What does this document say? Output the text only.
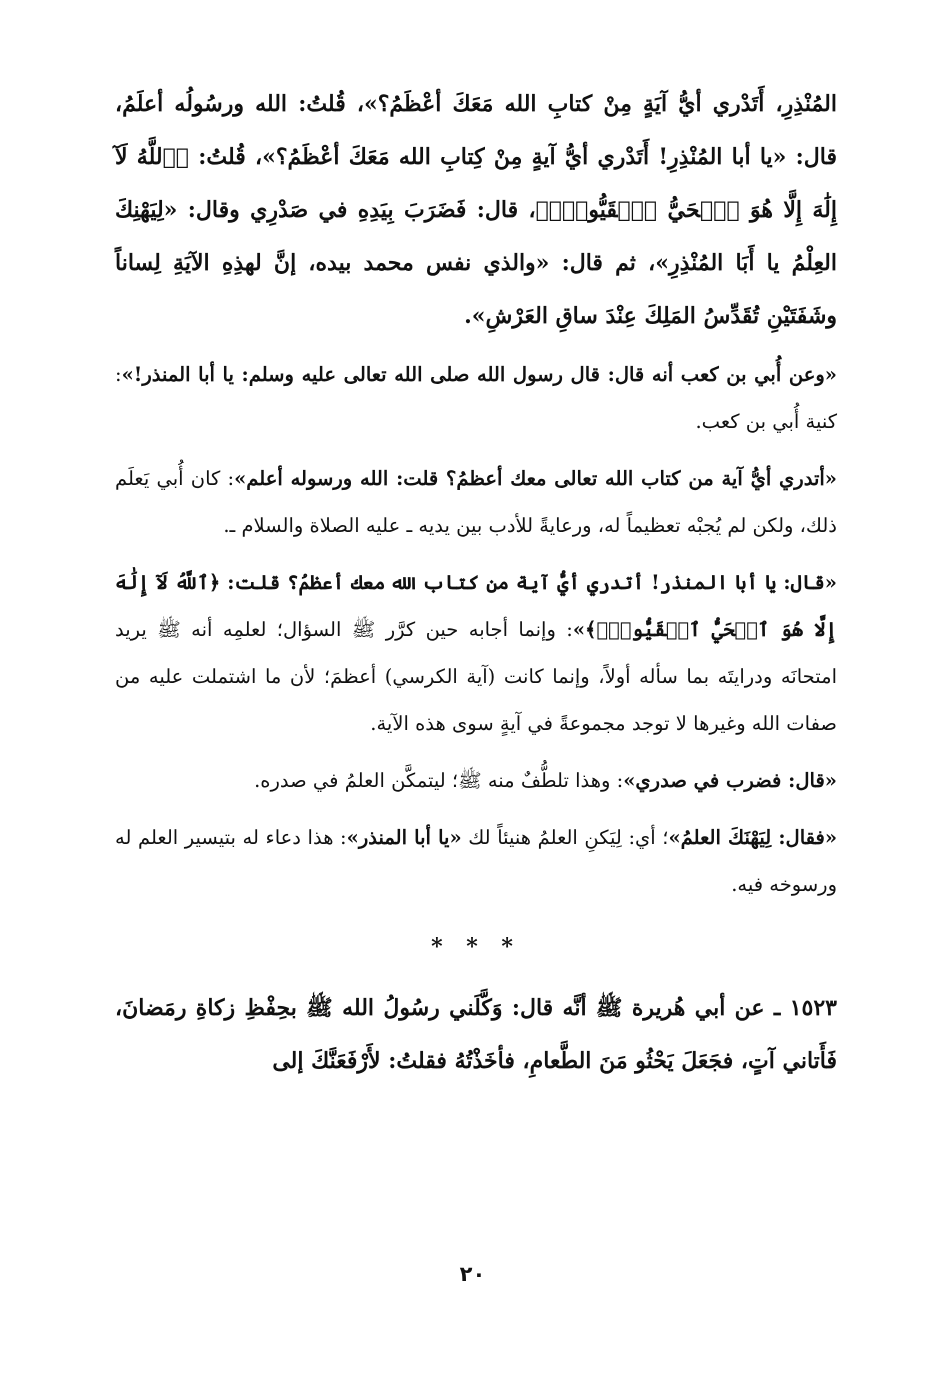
المُنْذِرِ، أَتَدْري أيُّ آيَةٍ مِنْ كتابِ الله مَعَكَ أعْظَمُ؟»، قُلتُ: الله ورسُولُه أعلَمُ، قال: «يا أبا المُنْذِرِ! أَتَدْري أيُّ آيةٍ مِنْ كِتابِ الله مَعَكَ أعْظَمُ؟»، قُلتُ: ﴿ٱللَّهُ لَآ إِلَٰهَ إِلَّا هُوَ ٱلۡحَيُّ ٱلۡقَيُّومُۚ﴾، قال: فَضَرَبَ بِيَدِهِ في صَدْرِي وقال: «لِيَهْنِكَ العِلْمُ يا أَبَا المُنْذِرِ»، ثم قال: «والذي نفس محمد بيده، إنَّ لهذِهِ الآيَةِ لِساناً وشَفَتَيْنِ تُقَدِّسُ المَلِكَ عِنْدَ ساقِ العَرْشِ».

«وعن أُبي بن كعب أنه قال: قال رسول الله صلى الله تعالى عليه وسلم: يا أبا المنذر!»: كنية أُبي بن كعب.

«أتدري أيُّ آية من كتاب الله تعالى معك أعظمُ؟ قلت: الله ورسوله أعلم»: كان أُبي يَعلَم ذلك، ولكن لم يُجبْه تعظيماً له، ورعايةً للأدب بين يديه ـ عليه الصلاة والسلام ـ.

«قال: يا أبا المنذر! أتدري أيُّ آية من كتاب الله معك أعظمُ؟ قلت: ﴿ٱللَّهُ لَآ إِلَٰهَ إِلَّا هُوَ ٱلۡحَيُّ ٱلۡقَيُّومُۚ﴾»: وإنما أجابه حين كرَّر ﷺ السؤال؛ لعلمِه أنه ﷺ يريد امتحانَه ودرايتَه بما سأله أولاً، وإنما كانت (آية الكرسي) أعظمَ؛ لأن ما اشتملت عليه من صفات الله وغيرها لا توجد مجموعةً في آيةٍ سوى هذه الآية.

«قال: فضرب في صدري»: وهذا تلطُّفٌ منه ﷺ؛ ليتمكَّن العلمُ في صدره.

«فقال: لِيَهْنَكَ العلمُ»؛ أي: لِيَكنِ العلمُ هنيئاً لك «يا أبا المنذر»: هذا دعاء له بتيسير العلم له ورسوخه فيه.

* * *

١٥٢٣ ـ عن أبي هُريرة ﷺ أنَّه قال: وَكَّلَني رسُولُ الله ﷺ بحِفْظِ زكاةِ رمَضانَ، فَأَتاني آتٍ، فجَعَلَ يَحْثُو مَنَ الطَّعامِ، فأخَذْتُهُ فقلتُ: لأَرْفَعَنَّكَ إلى

٢٠
